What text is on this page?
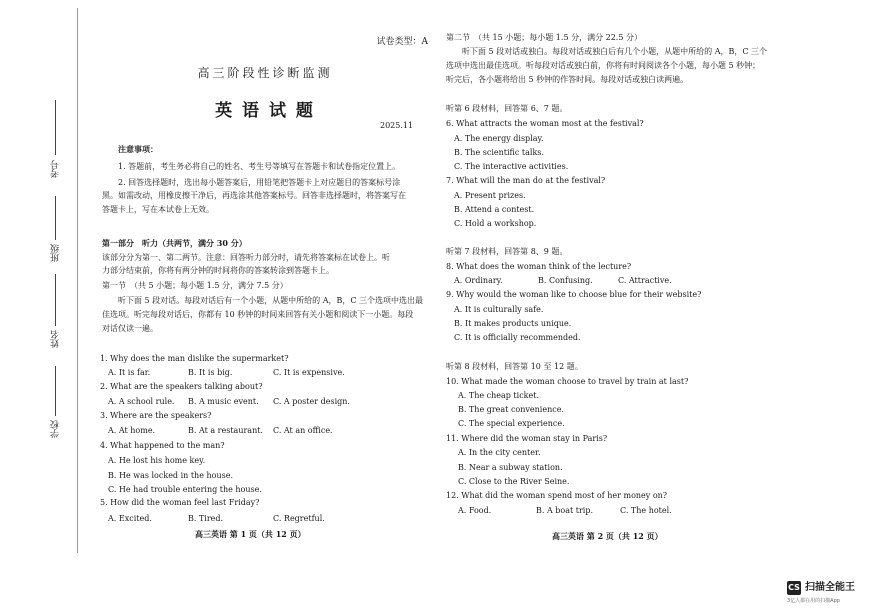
考号
班级
姓名
学校
试卷类型：A
高三阶段性诊断监测
英 语 试 题
2025.11
注意事项：
1. 答题前，考生务必将自己的姓名、考生号等填写在答题卡和试卷指定位置上。
2. 回答选择题时，选出每小题答案后，用铅笔把答题卡上对应题目的答案标号涂
黑。如需改动，用橡皮擦干净后，再选涂其他答案标号。回答非选择题时，将答案写在
答题卡上，写在本试卷上无效。
第一部分　听力（共两节，满分 30 分）
该部分分为第一、第二两节。注意：回答听力部分时，请先将答案标在试卷上。听
力部分结束前，你将有两分钟的时间将你的答案转涂到答题卡上。
第一节　（共 5 小题；每小题 1.5 分，满分 7.5 分）
听下面 5 段对话。每段对话后有一个小题，从题中所给的 A，B，C 三个选项中选出最
佳选项。听完每段对话后，你都有 10 秒钟的时间来回答有关小题和阅读下一小题。每段
对话仅读一遍。
1. Why does the man dislike the supermarket?
A. It is far.	B. It is big.	C. It is expensive.
2. What are the speakers talking about?
A. A school rule. B. A music event. C. A poster design.
3. Where are the speakers?
A. At home.	B. At a restaurant. C. At an office.
4. What happened to the man?
A. He lost his home key.
B. He was locked in the house.
C. He had trouble entering the house.
5. How did the woman feel last Friday?
A. Excited.	B. Tired.	C. Regretful.
高三英语 第 1 页（共 12 页）
第二节　（共 15 小题；每小题 1.5 分，满分 22.5 分）
听下面 5 段对话或独白。每段对话或独白后有几个小题，从题中所给的 A，B，C 三个
选项中选出最佳选项。听每段对话或独白前，你将有时间阅读各个小题，每小题 5 秒钟；
听完后，各小题将给出 5 秒钟的作答时间。每段对话或独白读两遍。
听第 6 段材料，回答第 6、7 题。
6. What attracts the woman most at the festival?
A. The energy display.
B. The scientific talks.
C. The interactive activities.
7. What will the man do at the festival?
A. Present prizes.
B. Attend a contest.
C. Hold a workshop.
听第 7 段材料，回答第 8、9 题。
8. What does the woman think of the lecture?
A. Ordinary.	B. Confusing.	C. Attractive.
9. Why would the woman like to choose blue for their website?
A. It is culturally safe.
B. It makes products unique.
C. It is officially recommended.
听第 8 段材料，回答第 10 至 12 题。
10. What made the woman choose to travel by train at last?
A. The cheap ticket.
B. The great convenience.
C. The special experience.
11. Where did the woman stay in Paris?
A. In the city center.
B. Near a subway station.
C. Close to the River Seine.
12. What did the woman spend most of her money on?
A. Food.	B. A boat trip.	C. The hotel.
高三英语 第 2 页（共 12 页）
CS 扫描全能王
3亿人都在用的扫描App
